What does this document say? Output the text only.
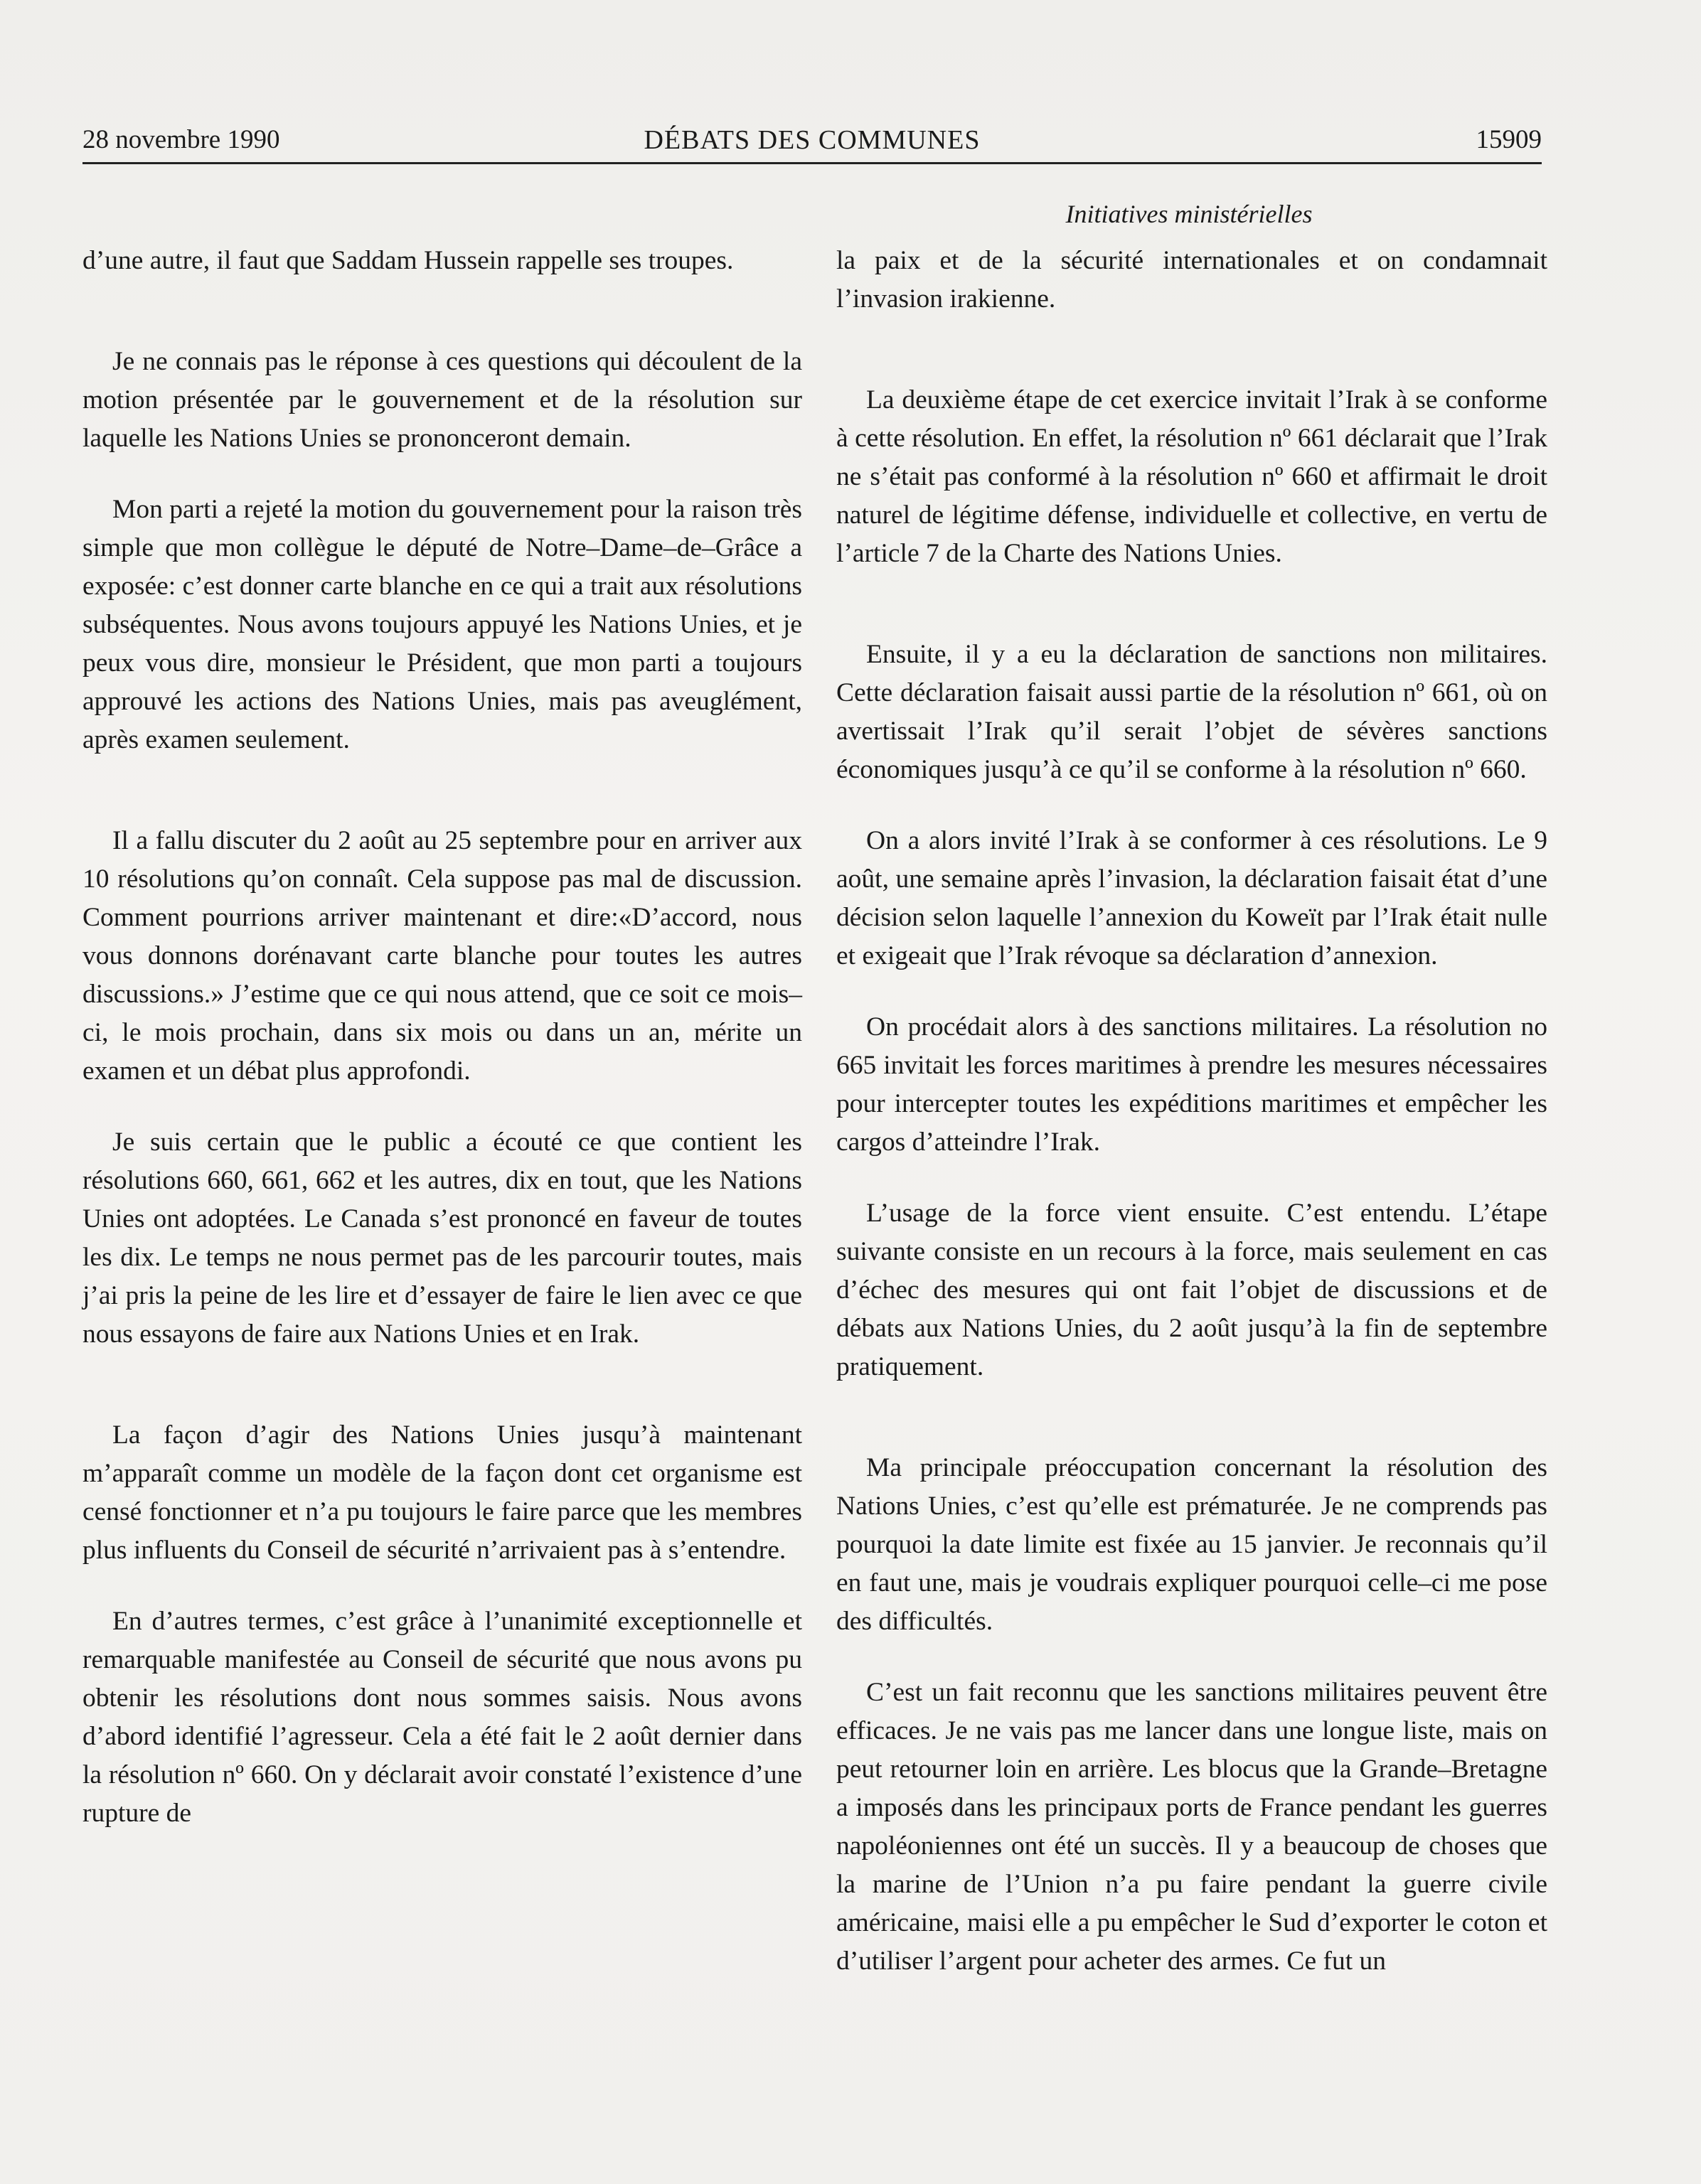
28 novembre 1990	DÉBATS DES COMMUNES	15909
Initiatives ministérielles

d’une autre, il faut que Saddam Hussein rappelle ses troupes.

Je ne connais pas le réponse à ces questions qui découlent de la motion présentée par le gouvernement et de la résolution sur laquelle les Nations Unies se prononceront demain.

Mon parti a rejeté la motion du gouvernement pour la raison très simple que mon collègue le député de Notre–Dame–de–Grâce a exposée: c’est donner carte blanche en ce qui a trait aux résolutions subséquentes. Nous avons toujours appuyé les Nations Unies, et je peux vous dire, monsieur le Président, que mon parti a toujours approuvé les actions des Nations Unies, mais pas aveuglément, après examen seulement.

Il a fallu discuter du 2 août au 25 septembre pour en arriver aux 10 résolutions qu’on connaît. Cela suppose pas mal de discussion. Comment pourrions arriver maintenant et dire:«D’accord, nous vous donnons dorénavant carte blanche pour toutes les autres discussions.» J’estime que ce qui nous attend, que ce soit ce mois–ci, le mois prochain, dans six mois ou dans un an, mérite un examen et un débat plus approfondi.

Je suis certain que le public a écouté ce que contient les résolutions 660, 661, 662 et les autres, dix en tout, que les Nations Unies ont adoptées. Le Canada s’est prononcé en faveur de toutes les dix. Le temps ne nous permet pas de les parcourir toutes, mais j’ai pris la peine de les lire et d’essayer de faire le lien avec ce que nous essayons de faire aux Nations Unies et en Irak.

La façon d’agir des Nations Unies jusqu’à maintenant m’apparaît comme un modèle de la façon dont cet organisme est censé fonctionner et n’a pu toujours le faire parce que les membres plus influents du Conseil de sécurité n’arrivaient pas à s’entendre.

En d’autres termes, c’est grâce à l’unanimité exceptionnelle et remarquable manifestée au Conseil de sécurité que nous avons pu obtenir les résolutions dont nous sommes saisis. Nous avons d’abord identifié l’agresseur. Cela a été fait le 2 août dernier dans la résolution nº 660. On y déclarait avoir constaté l’existence d’une rupture de

la paix et de la sécurité internationales et on condamnait l’invasion irakienne.

La deuxième étape de cet exercice invitait l’Irak à se conforme à cette résolution. En effet, la résolution nº 661 déclarait que l’Irak ne s’était pas conformé à la résolution nº 660 et affirmait le droit naturel de légitime défense, individuelle et collective, en vertu de l’article 7 de la Charte des Nations Unies.

Ensuite, il y a eu la déclaration de sanctions non militaires. Cette déclaration faisait aussi partie de la résolution nº 661, où on avertissait l’Irak qu’il serait l’objet de sévères sanctions économiques jusqu’à ce qu’il se conforme à la résolution nº 660.

On a alors invité l’Irak à se conformer à ces résolutions. Le 9 août, une semaine après l’invasion, la déclaration faisait état d’une décision selon laquelle l’annexion du Koweït par l’Irak était nulle et exigeait que l’Irak révoque sa déclaration d’annexion.

On procédait alors à des sanctions militaires. La résolution no 665 invitait les forces maritimes à prendre les mesures nécessaires pour intercepter toutes les expéditions maritimes et empêcher les cargos d’atteindre l’Irak.

L’usage de la force vient ensuite. C’est entendu. L’étape suivante consiste en un recours à la force, mais seulement en cas d’échec des mesures qui ont fait l’objet de discussions et de débats aux Nations Unies, du 2 août jusqu’à la fin de septembre pratiquement.

Ma principale préoccupation concernant la résolution des Nations Unies, c’est qu’elle est prématurée. Je ne comprends pas pourquoi la date limite est fixée au 15 janvier. Je reconnais qu’il en faut une, mais je voudrais expliquer pourquoi celle–ci me pose des difficultés.

C’est un fait reconnu que les sanctions militaires peuvent être efficaces. Je ne vais pas me lancer dans une longue liste, mais on peut retourner loin en arrière. Les blocus que la Grande–Bretagne a imposés dans les principaux ports de France pendant les guerres napoléoniennes ont été un succès. Il y a beaucoup de choses que la marine de l’Union n’a pu faire pendant la guerre civile américaine, maisi elle a pu empêcher le Sud d’exporter le coton et d’utiliser l’argent pour acheter des armes. Ce fut un
